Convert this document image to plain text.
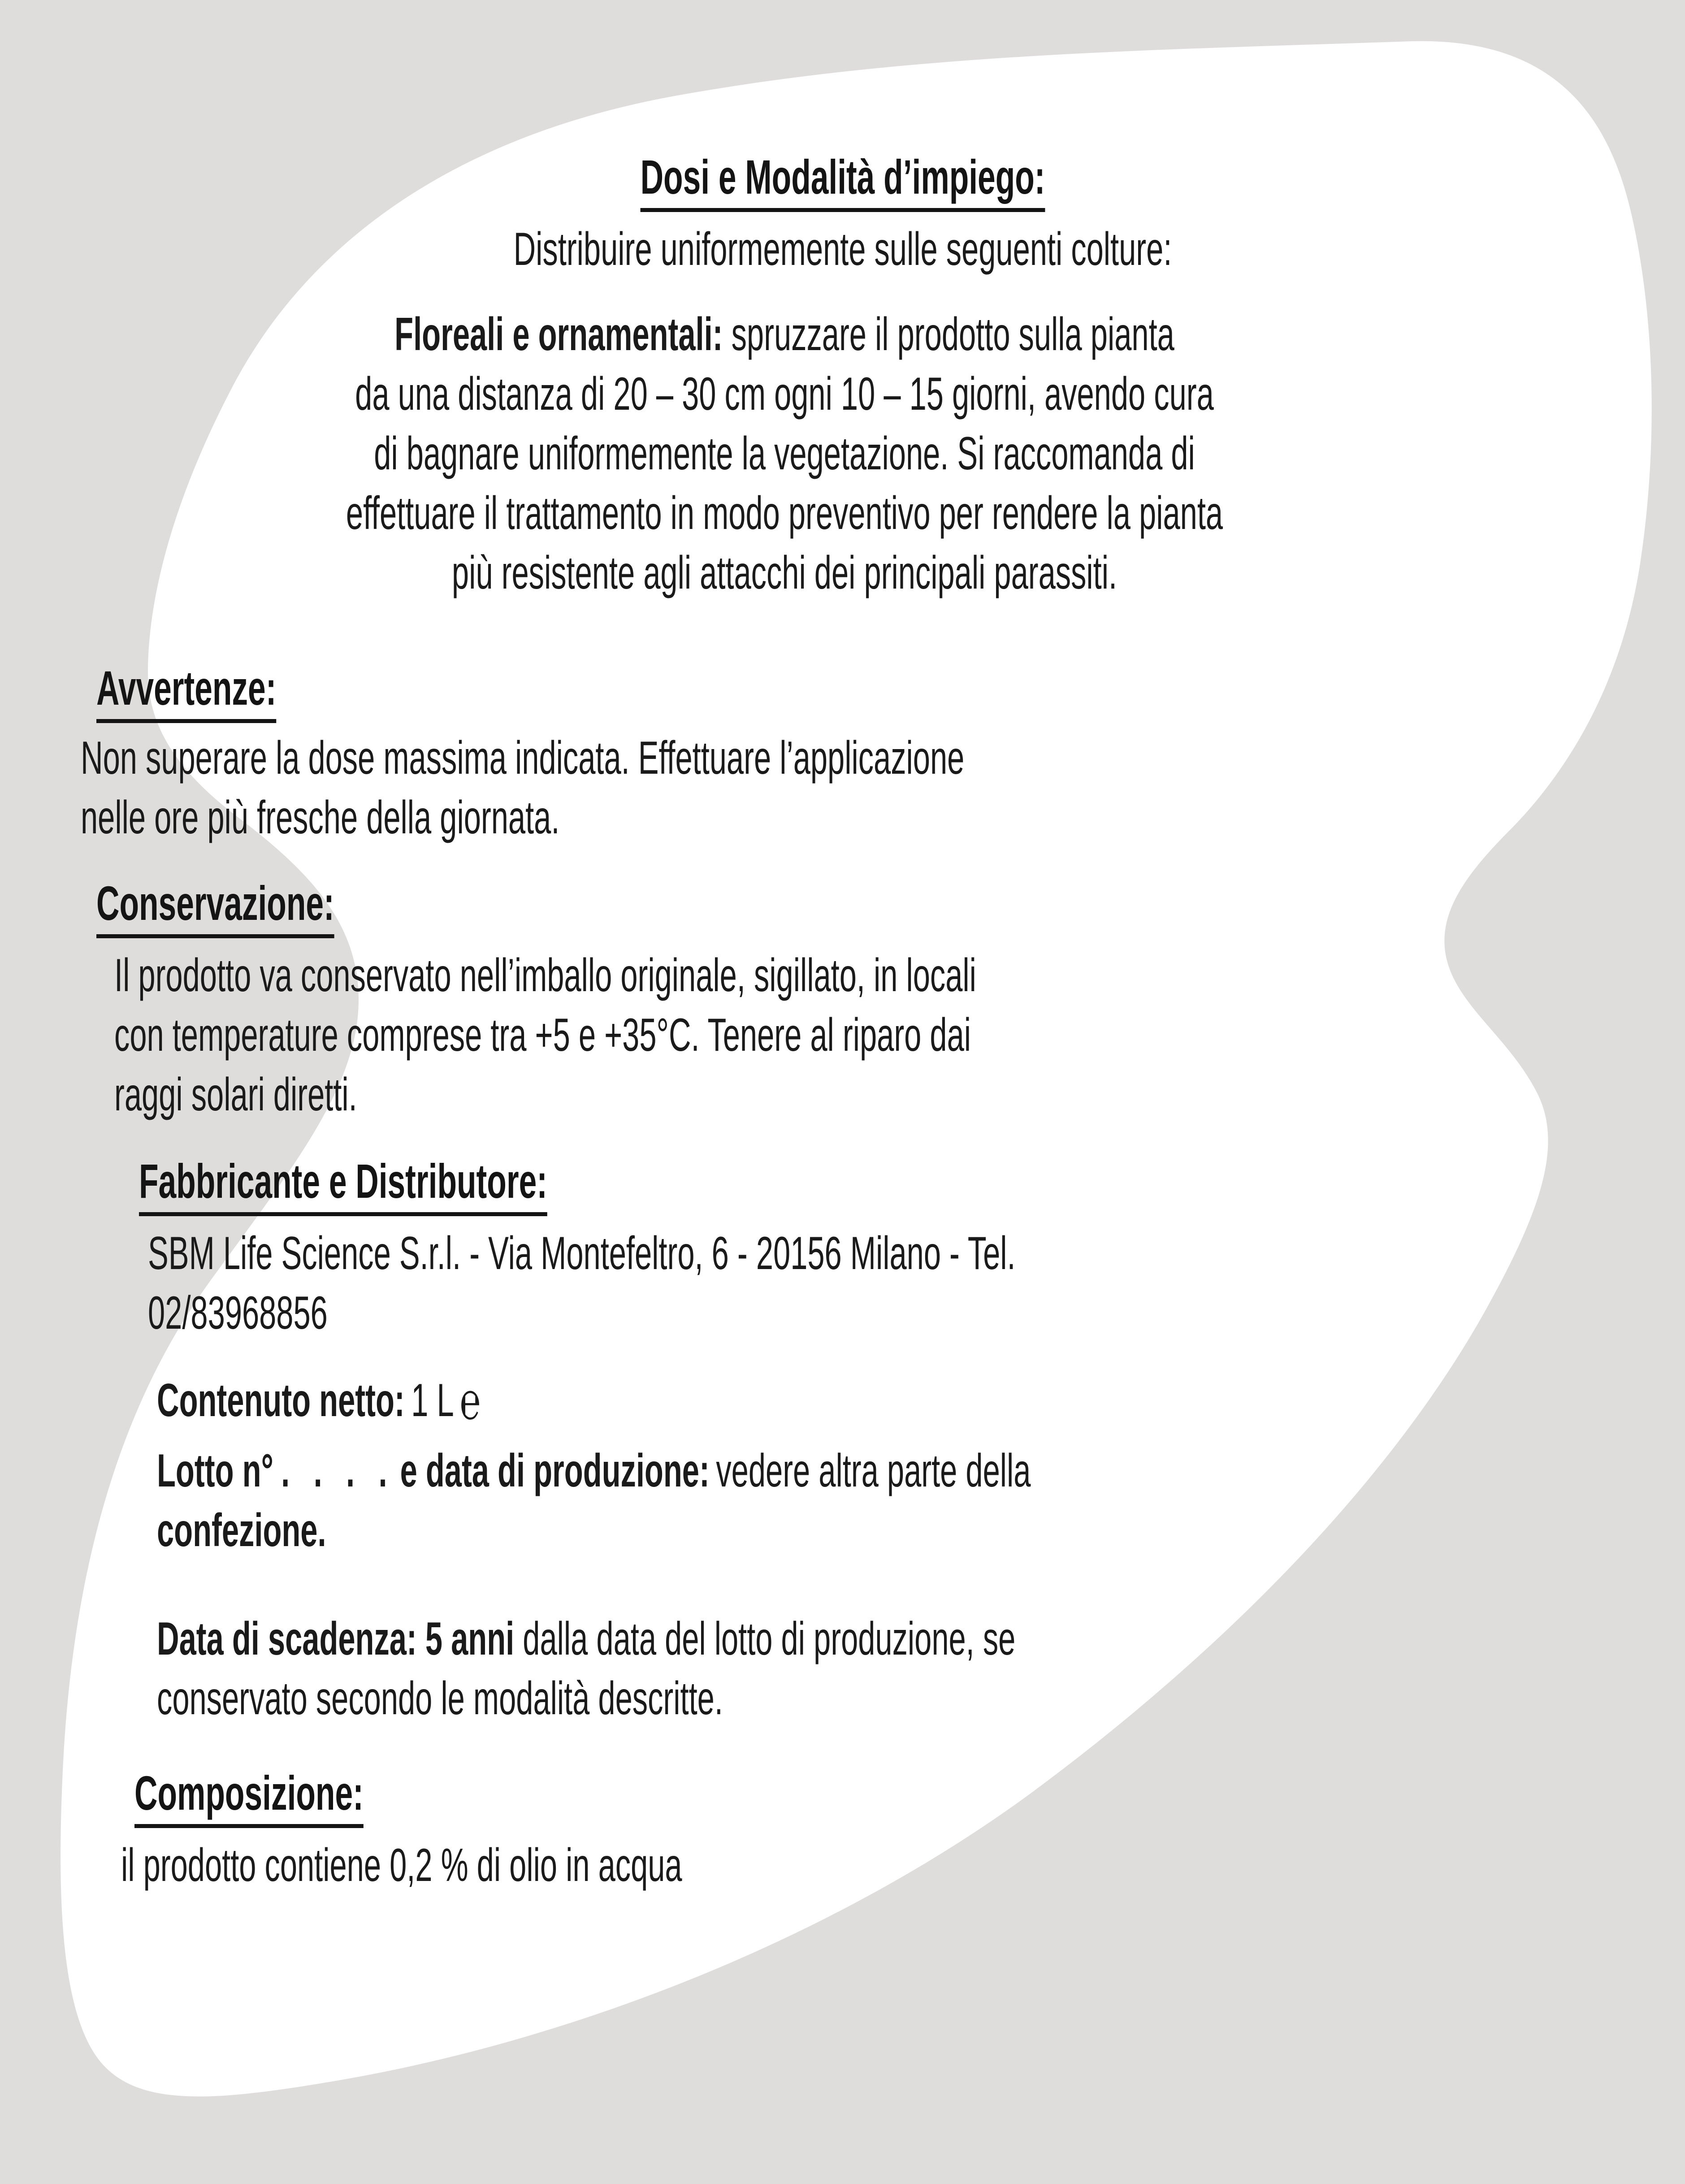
Dosi e Modalità d’impiego:
Distribuire uniformemente sulle seguenti colture:
Floreali e ornamentali: spruzzare il prodotto sulla pianta
da una distanza di 20 – 30 cm ogni 10 – 15 giorni, avendo cura
di bagnare uniformemente la vegetazione. Si raccomanda di
effettuare il trattamento in modo preventivo per rendere la pianta
più resistente agli attacchi dei principali parassiti.
Avvertenze:
Non superare la dose massima indicata. Effettuare l’applicazione
nelle ore più fresche della giornata.
Conservazione:
Il prodotto va conservato nell’imballo originale, sigillato, in locali
con temperature comprese tra +5 e +35°C. Tenere al riparo dai
raggi solari diretti.
Fabbricante e Distributore:
SBM Life Science S.r.l. - Via Montefeltro, 6 - 20156 Milano - Tel.
02/83968856
Contenuto netto: 1 L ℮
Lotto n° . . . . e data di produzione: vedere altra parte della
confezione.
Data di scadenza: 5 anni dalla data del lotto di produzione, se
conservato secondo le modalità descritte.
Composizione:
il prodotto contiene 0,2 % di olio in acqua
